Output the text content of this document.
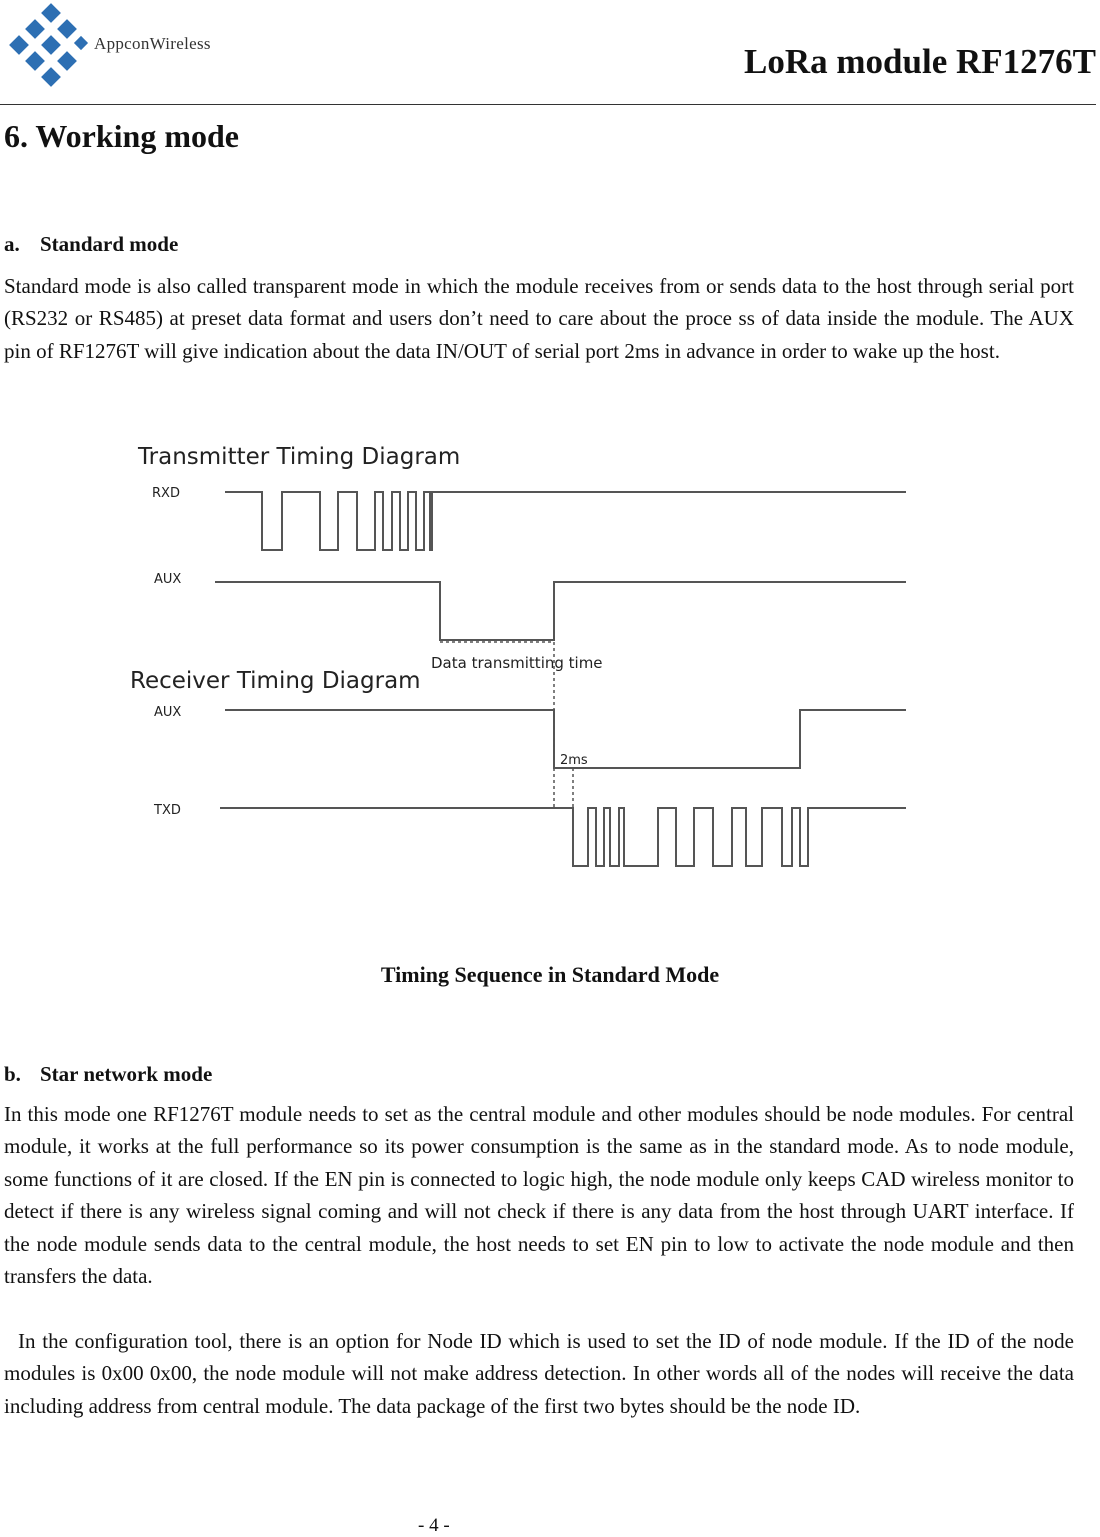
AppconWireless	LoRa module RF1276T
6. Working mode
a. Standard mode

Standard mode is also called transparent mode in which the module receives from or sends data to the host through serial port (RS232 or RS485) at preset data format and users don’t need to care about the proce ss of data inside the module. The AUX pin of RF1276T will give indication about the data IN/OUT of serial port 2ms in advance in order to wake up the host.

Transmitter Timing Diagram
RXD
AUX
Data transmitting time
Receiver Timing Diagram
AUX
2ms
TXD
Timing Sequence in Standard Mode
b. Star network mode

In this mode one RF1276T module needs to set as the central module and other modules should be node modules. For central module, it works at the full performance so its power consumption is the same as in the standard mode. As to node module, some functions of it are closed. If the EN pin is connected to logic high, the node module only keeps CAD wireless monitor to detect if there is any wireless signal coming and will not check if there is any data from the host through UART interface. If the node module sends data to the central module, the host needs to set EN pin to low to activate the node module and then transfers the data.

In the configuration tool, there is an option for Node ID which is used to set the ID of node module. If the ID of the node modules is 0x00 0x00, the node module will not make address detection. In other words all of the nodes will receive the data including address from central module. The data package of the first two bytes should be the node ID.

- 4 -
